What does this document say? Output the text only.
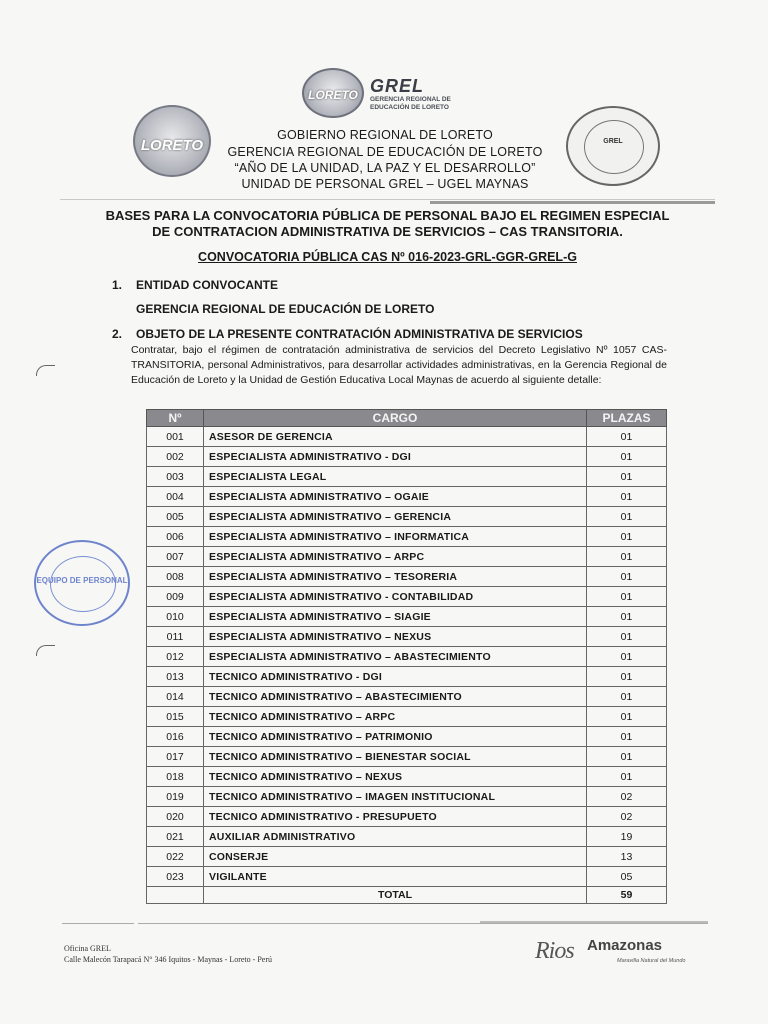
LORETO
LORETO GREL
GERENCIA REGIONAL DE EDUCACIÓN DE LORETO
GREL
GOBIERNO REGIONAL DE LORETO
GERENCIA REGIONAL DE EDUCACIÓN DE LORETO
“AÑO DE LA UNIDAD, LA PAZ Y EL DESARROLLO”
UNIDAD DE PERSONAL GREL – UGEL MAYNAS
BASES PARA LA CONVOCATORIA PÚBLICA DE PERSONAL BAJO EL REGIMEN ESPECIAL
DE CONTRATACION ADMINISTRATIVA DE SERVICIOS – CAS TRANSITORIA.
CONVOCATORIA PÚBLICA CAS Nº 016-2023-GRL-GGR-GREL-G
1. ENTIDAD CONVOCANTE
GERENCIA REGIONAL DE EDUCACIÓN DE LORETO
2. OBJETO DE LA PRESENTE CONTRATACIÓN ADMINISTRATIVA DE SERVICIOS
Contratar, bajo el régimen de contratación administrativa de servicios del Decreto Legislativo Nº 1057 CAS-TRANSITORIA, personal Administrativos, para desarrollar actividades administrativas, en la Gerencia Regional de Educación de Loreto y la Unidad de Gestión Educativa Local Maynas de acuerdo al siguiente detalle:
Nº	CARGO	PLAZAS
001	ASESOR DE GERENCIA	01
002	ESPECIALISTA ADMINISTRATIVO - DGI	01
003	ESPECIALISTA LEGAL	01
004	ESPECIALISTA ADMINISTRATIVO – OGAIE	01
005	ESPECIALISTA ADMINISTRATIVO – GERENCIA	01
006	ESPECIALISTA ADMINISTRATIVO – INFORMATICA	01
007	ESPECIALISTA ADMINISTRATIVO – ARPC	01
008	ESPECIALISTA ADMINISTRATIVO – TESORERIA	01
009	ESPECIALISTA ADMINISTRATIVO - CONTABILIDAD	01
010	ESPECIALISTA ADMINISTRATIVO – SIAGIE	01
011	ESPECIALISTA ADMINISTRATIVO – NEXUS	01
012	ESPECIALISTA ADMINISTRATIVO – ABASTECIMIENTO	01
013	TECNICO ADMINISTRATIVO - DGI	01
014	TECNICO ADMINISTRATIVO – ABASTECIMIENTO	01
015	TECNICO ADMINISTRATIVO – ARPC	01
016	TECNICO ADMINISTRATIVO – PATRIMONIO	01
017	TECNICO ADMINISTRATIVO – BIENESTAR SOCIAL	01
018	TECNICO ADMINISTRATIVO – NEXUS	01
019	TECNICO ADMINISTRATIVO – IMAGEN INSTITUCIONAL	02
020	TECNICO ADMINISTRATIVO - PRESUPUETO	02
021	AUXILIAR ADMINISTRATIVO	19
022	CONSERJE	13
023	VIGILANTE	05
	TOTAL	59
EQUIPO DE PERSONAL
Oficina GREL
Calle Malecón Tarapacá N° 346 Iquitos - Maynas - Loreto - Perú	Rios Amazonas
Maravilla Natural del Mundo
